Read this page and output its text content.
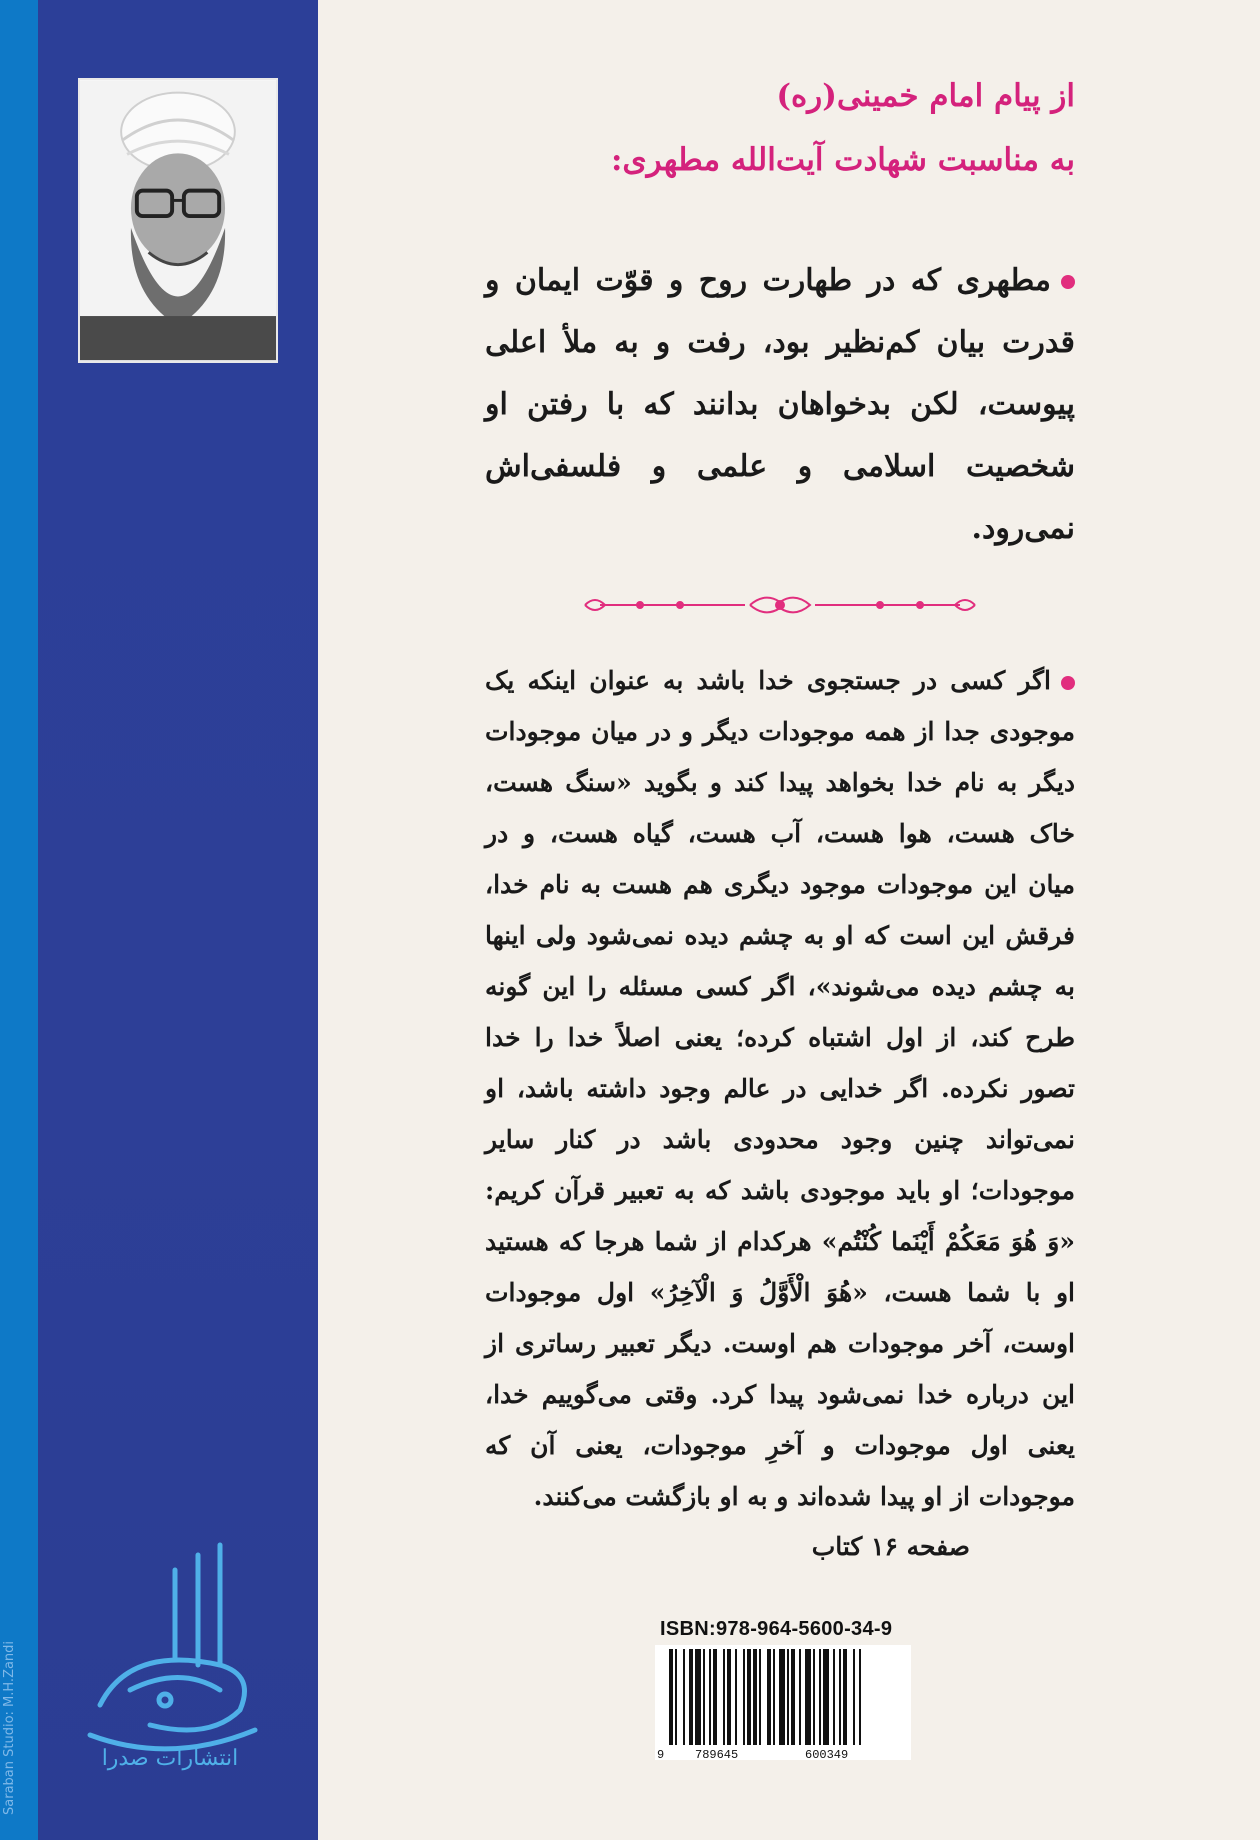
انتشارات صدرا
Saraban Studio: M.H.Zandi

از پیام امام خمینی(ره)

به مناسبت شهادت آیت‌الله مطهری:

مطهری که در طهارت روح و قوّت ایمان و قدرت بیان کم‌نظیر بود، رفت و به ملأ اعلی پیوست، لکن بدخواهان بدانند که با رفتن او شخصیت اسلامی و علمی و فلسفی‌اش نمی‌رود.

اگر کسی در جستجوی خدا باشد به عنوان اینکه یک موجودی جدا از همه موجودات دیگر و در میان موجودات دیگر به نام خدا بخواهد پیدا کند و بگوید «سنگ هست، خاک هست، هوا هست، آب هست، گیاه هست، و در میان این موجودات موجود دیگری هم هست به نام خدا، فرقش این است که او به چشم دیده نمی‌شود ولی اینها به چشم دیده می‌شوند»، اگر کسی مسئله را این گونه طرح کند، از اول اشتباه کرده؛ یعنی اصلاً خدا را خدا تصور نکرده. اگر خدایی در عالم وجود داشته باشد، او نمی‌تواند چنین وجود محدودی باشد در کنار سایر موجودات؛ او باید موجودی باشد که به تعبیر قرآن کریم: «وَ هُوَ مَعَکُمْ أَیْنَما کُنْتُم» هرکدام از شما هرجا که هستید او با شما هست، «هُوَ الْأَوَّلُ وَ الْآخِرُ» اول موجودات اوست، آخر موجودات هم اوست. دیگر تعبیر رساتری از این درباره خدا نمی‌شود پیدا کرد. وقتی می‌گوییم خدا، یعنی اول موجودات و آخرِ موجودات، یعنی آن که موجودات از او پیدا شده‌اند و به او بازگشت می‌کنند.

صفحه ۱۶ کتاب

ISBN:978-964-5600-34-9
9	789645	600349
